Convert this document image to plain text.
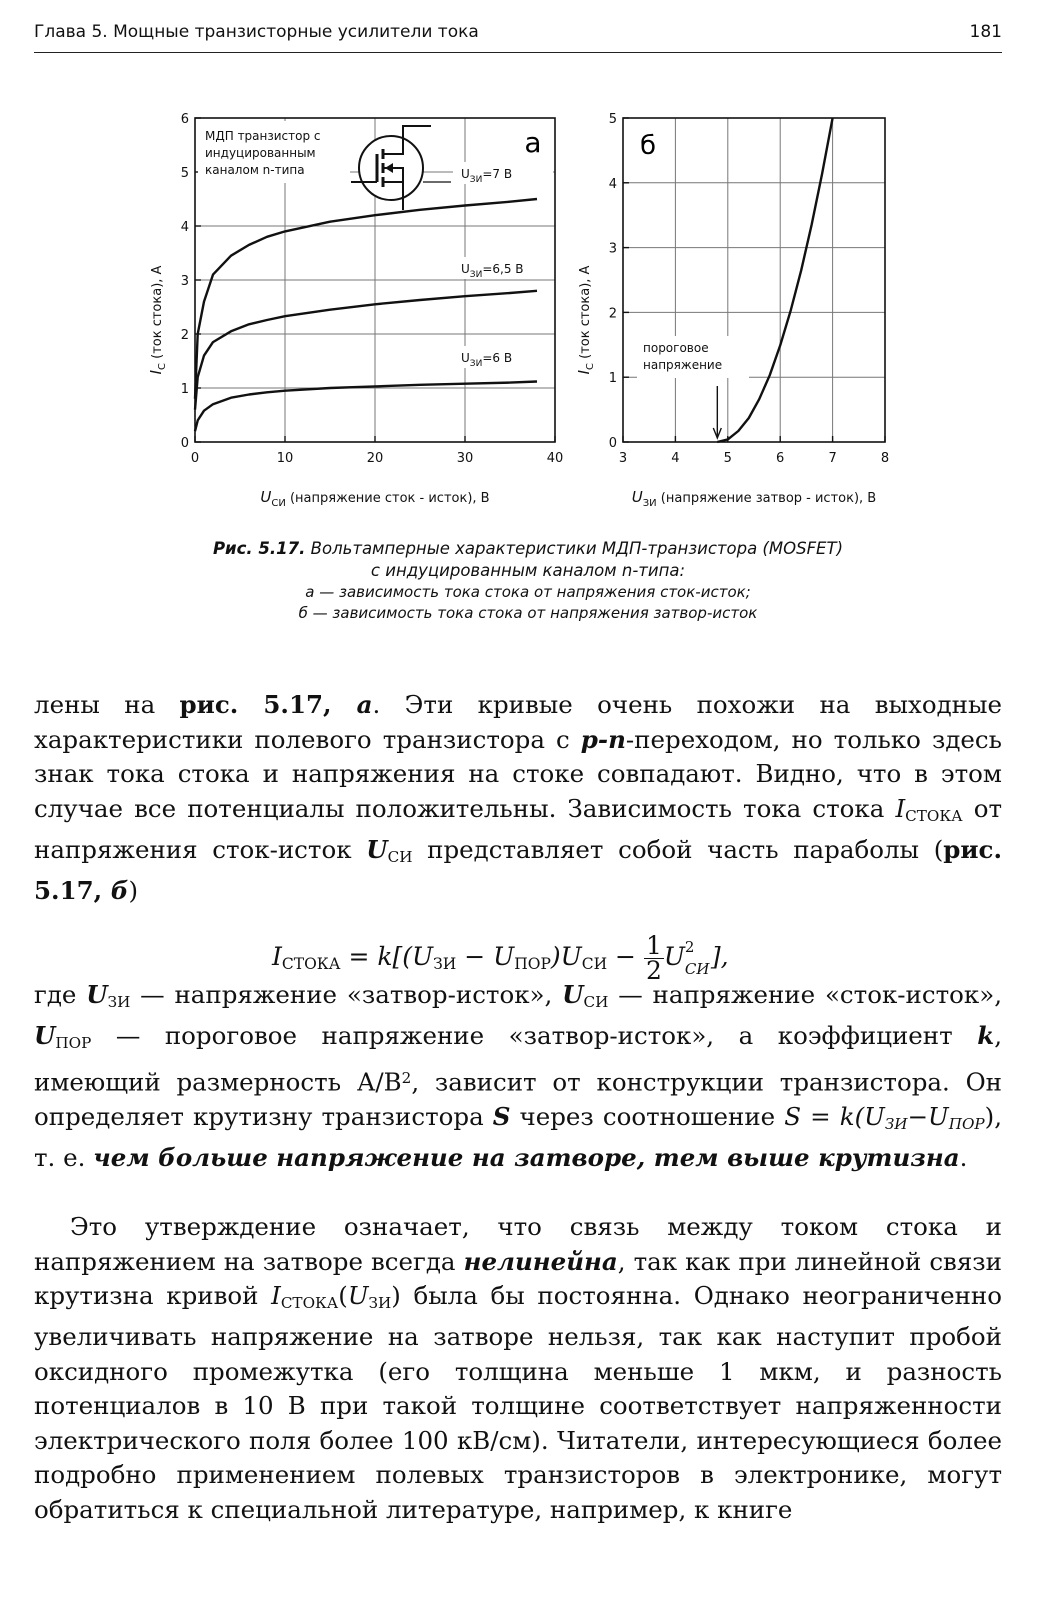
Глава 5. Мощные транзисторные усилители тока	181
0	10	20	30	40
0
1
2
3
4
5
6
а
МДП транзистор с
индуцированным
каналом n-типа	$U_{ЗИ}=7$ В
$U_{ЗИ}=6,5$ В
$U_{ЗИ}=6$ В
$U_{СИ}$ (напряжение сток - исток), В
$I_С$ (ток стока), А
3	4	5	6	7	8
0
1
2
3
4
5
б
пороговое
напряжение
$U_{ЗИ}$ (напряжение затвор - исток), В
$I_С$ (ток стока), А
Рис. 5.17. Вольтамперные характеристики МДП-транзистора (MOSFET)
с индуцированным каналом n-типа:
а — зависимость тока стока от напряжения сток-исток;
б — зависимость тока стока от напряжения затвор-исток

лены на рис. 5.17, а. Эти кривые очень похожи на выходные характеристики полевого транзистора с p-n-переходом, но только здесь знак тока стока и напряжения на стоке совпадают. Видно, что в этом случае все потенциалы положительны. Зависимость тока стока $I_{СТОКА}$ от напряжения сток-исток $U_{СИ}$ представляет собой часть параболы (рис. 5.17, б)

$I_{СТОКА} = k[(U_{ЗИ} - U_{ПОР})U_{СИ} - \frac{1}{2}$ U 2
СИ ],

где $U_{ЗИ}$ — напряжение «затвор-исток», $U_{СИ}$ — напряжение «сток-исток», $U_{ПОР}$ — пороговое напряжение «затвор-исток», а коэффициент k, имеющий размерность $А/В^2$, зависит от конструкции транзистора. Он определяет крутизну транзистора S через соотношение $S = k(U_{ЗИ}-U_{ПОР})$, т. е. чем больше напряжение на затворе, тем выше крутизна.

Это утверждение означает, что связь между током стока и напряжением на затворе всегда нелинейна, так как при линейной связи крутизна кривой $I_{СТОКА}(U_{ЗИ})$ была бы постоянна. Однако неограниченно увеличивать напряжение на затворе нельзя, так как наступит пробой оксидного промежутка (его толщина меньше 1 мкм, и разность потенциалов в 10 В при такой толщине соответствует напряженности электрического поля более 100 кВ/см). Читатели, интересующиеся более подробно применением полевых транзисторов в электронике, могут обратиться к специальной литературе, например, к книге
